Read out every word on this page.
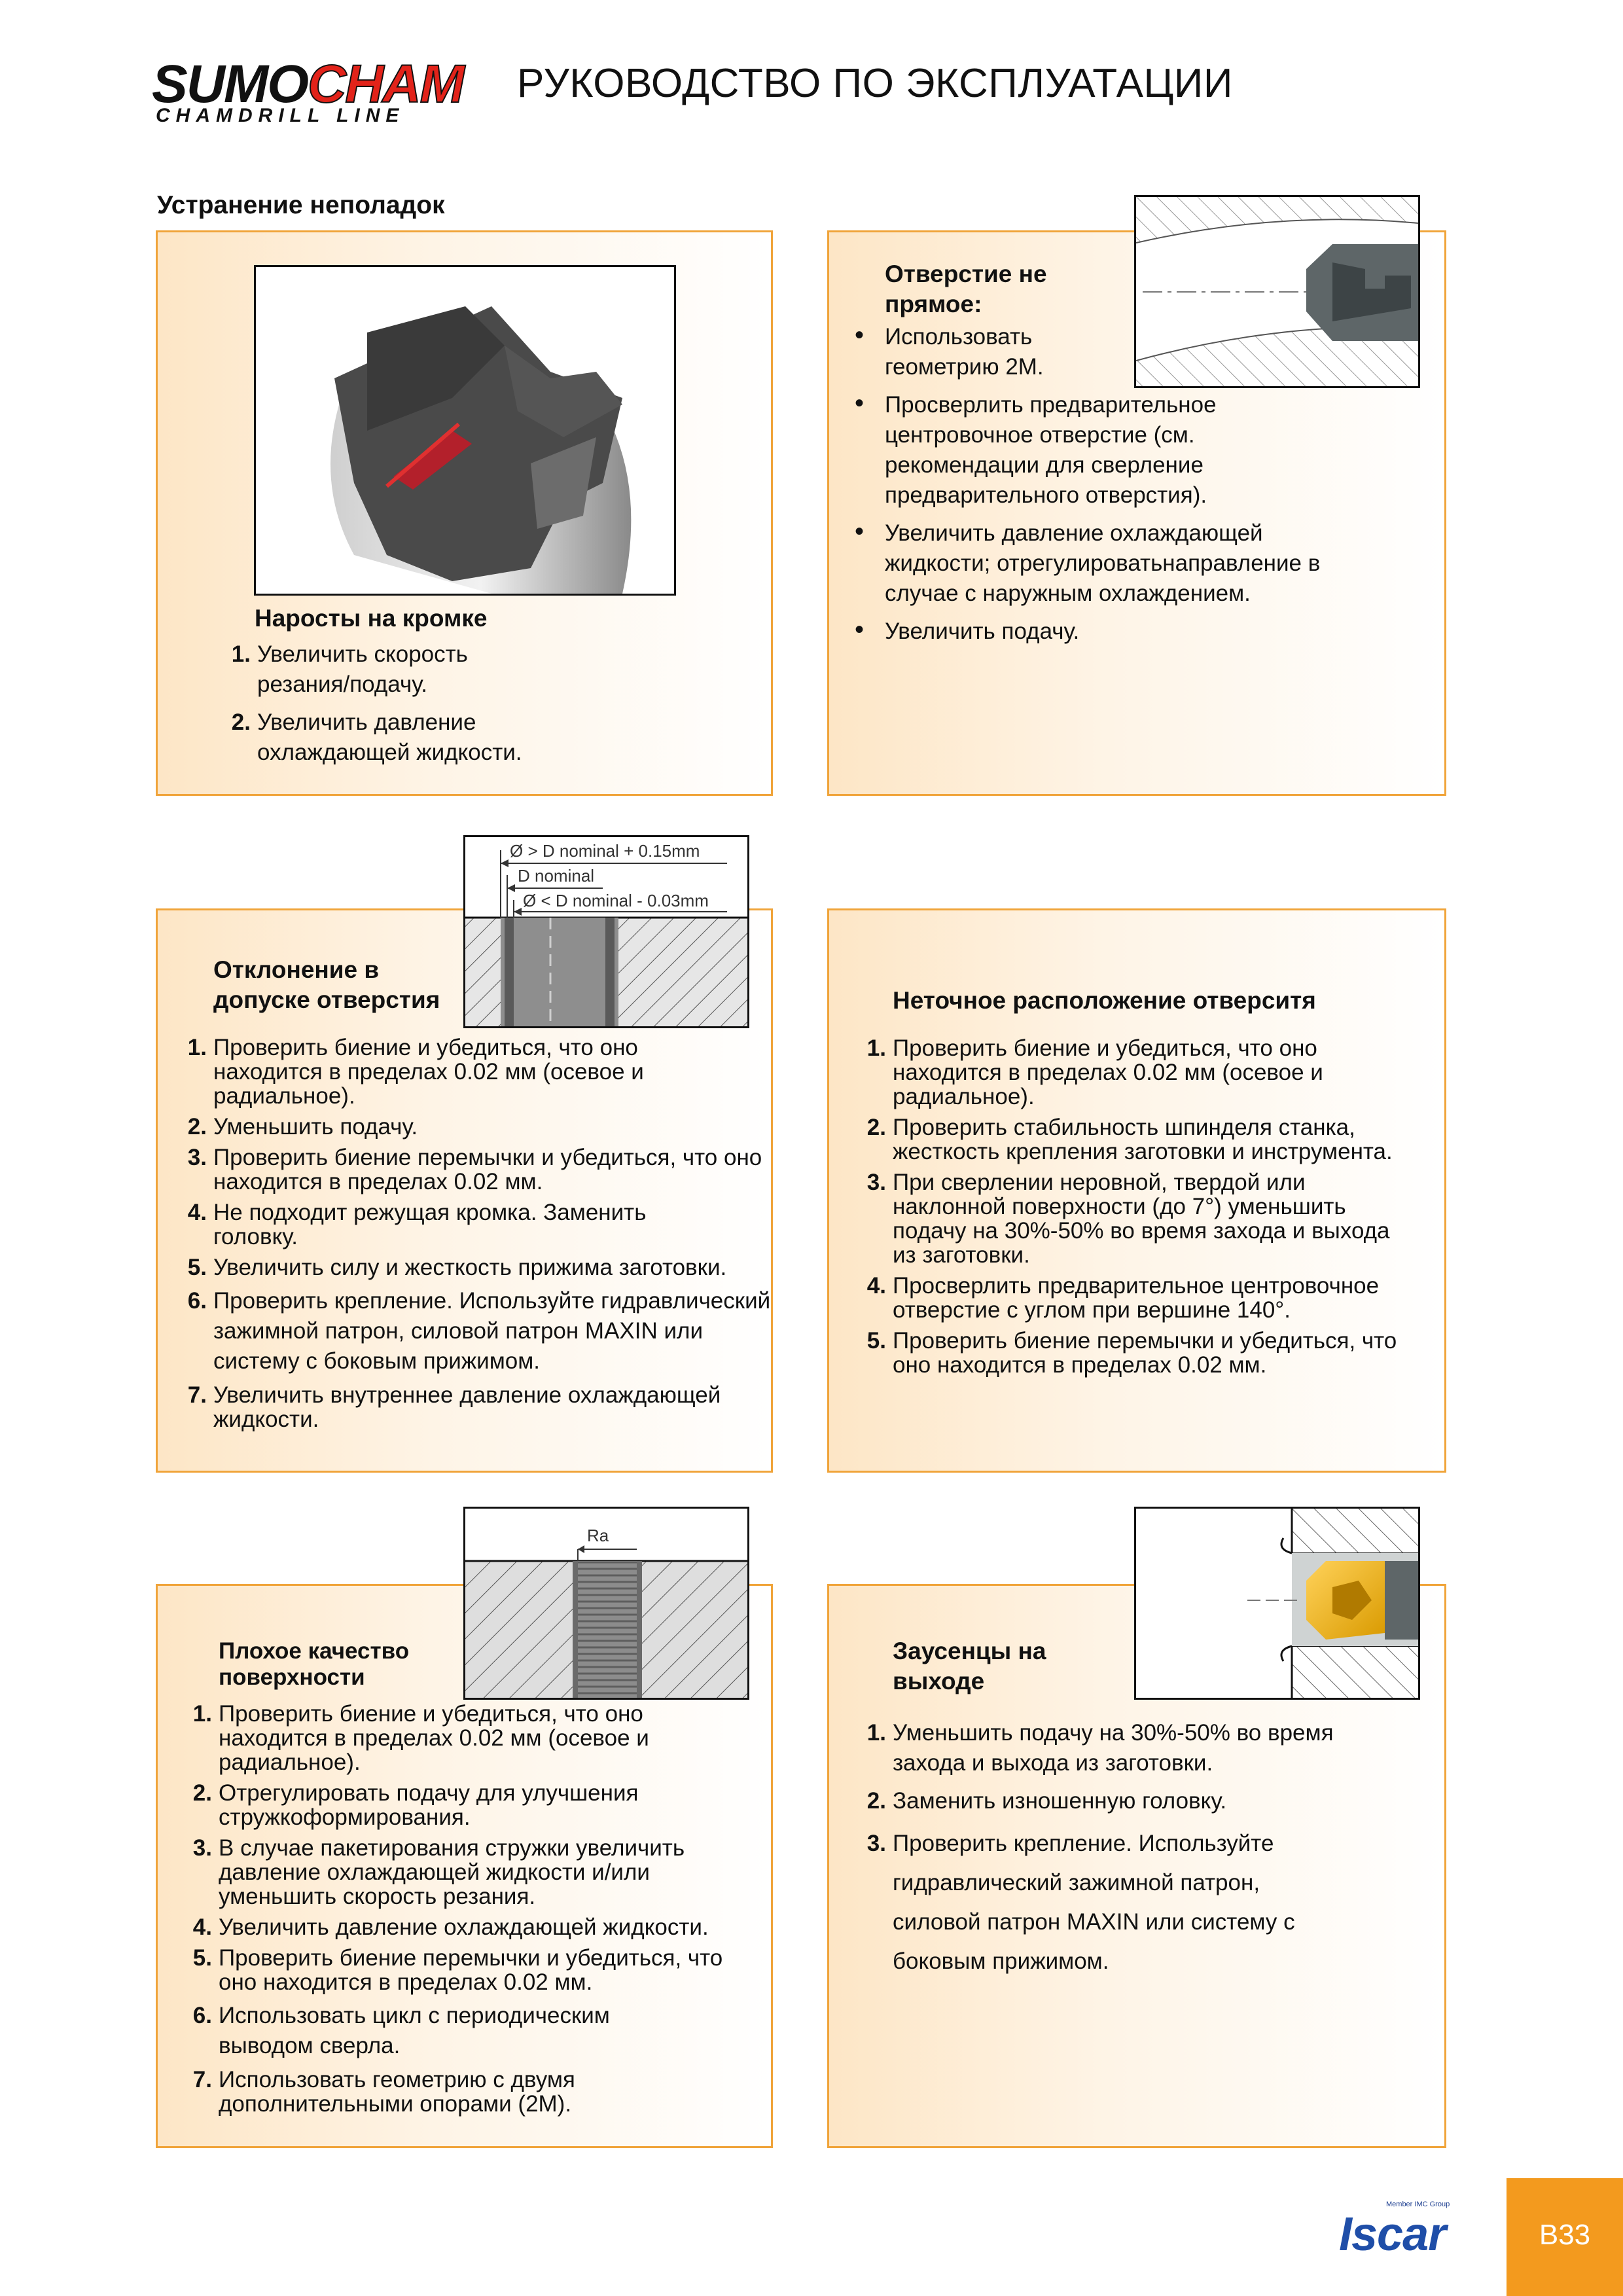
SUMOCHAM
CHAMDRILL LINE
РУКОВОДСТВО ПО ЭКСПЛУАТАЦИИ
Устранение неполадок
Наросты на кромке
1. Увеличить скорость резания/подачу.
2. Увеличить давление охлаждающей жидкости.
Отверстие не прямое:
• Использовать геометрию 2M.
• Просверлить предварительное центровочное отверстие (см. рекомендации для сверление предварительного отверстия).
• Увеличить давление охлаждающей жидкости; отрегулироватьнаправление в случае с наружным охлаждением.
• Увеличить подачу.
Ø > D nominal + 0.15mm
D nominal
Ø < D nominal - 0.03mm
Отклонение в допуске отверстия
1. Проверить биение и убедиться, что оно находится в пределах 0.02 мм (осевое и радиальное).
2. Уменьшить подачу.
3. Проверить биение перемычки и убедиться, что оно находится в пределах 0.02 мм.
4. Не подходит режущая кромка. Заменить головку.
5. Увеличить силу и жесткость прижима заготовки.
6. Проверить крепление. Используйте гидравлический зажимной патрон, силовой патрон MAXIN или систему с боковым прижимом.
7. Увеличить внутреннее давление охлаждающей жидкости.
Неточное расположение отверситя
1. Проверить биение и убедиться, что оно находится в пределах 0.02 мм (осевое и радиальное).
2. Проверить стабильность шпинделя станка, жесткость крепления заготовки и инструмента.
3. При сверлении неровной, твердой или наклонной поверхности (до 7°) уменьшить подачу на 30%-50% во время захода и выхода из заготовки.
4. Просверлить предварительное центровочное отверстие с углом при вершине 140°.
5. Проверить биение перемычки и убедиться, что оно находится в пределах 0.02 мм.
Ra
Плохое качество поверхности
1. Проверить биение и убедиться, что оно находится в пределах 0.02 мм (осевое и радиальное).
2. Отрегулировать подачу для улучшения стружкоформирования.
3. В случае пакетирования стружки увеличить давление охлаждающей жидкости и/или уменьшить скорость резания.
4. Увеличить давление охлаждающей жидкости.
5. Проверить биение перемычки и убедиться, что оно находится в пределах 0.02 мм.
6. Использовать цикл с периодическим выводом сверла.
7. Использовать геометрию с двумя дополнительными опорами (2M).
Заусенцы на выходе
1. Уменьшить подачу на 30%-50% во время захода и выхода из заготовки.
2. Заменить изношенную головку.
3. Проверить крепление. Используйте гидравлический зажимной патрон, силовой патрон MAXIN или систему с боковым прижимом.
Member IMC Group
Iscar	B33
